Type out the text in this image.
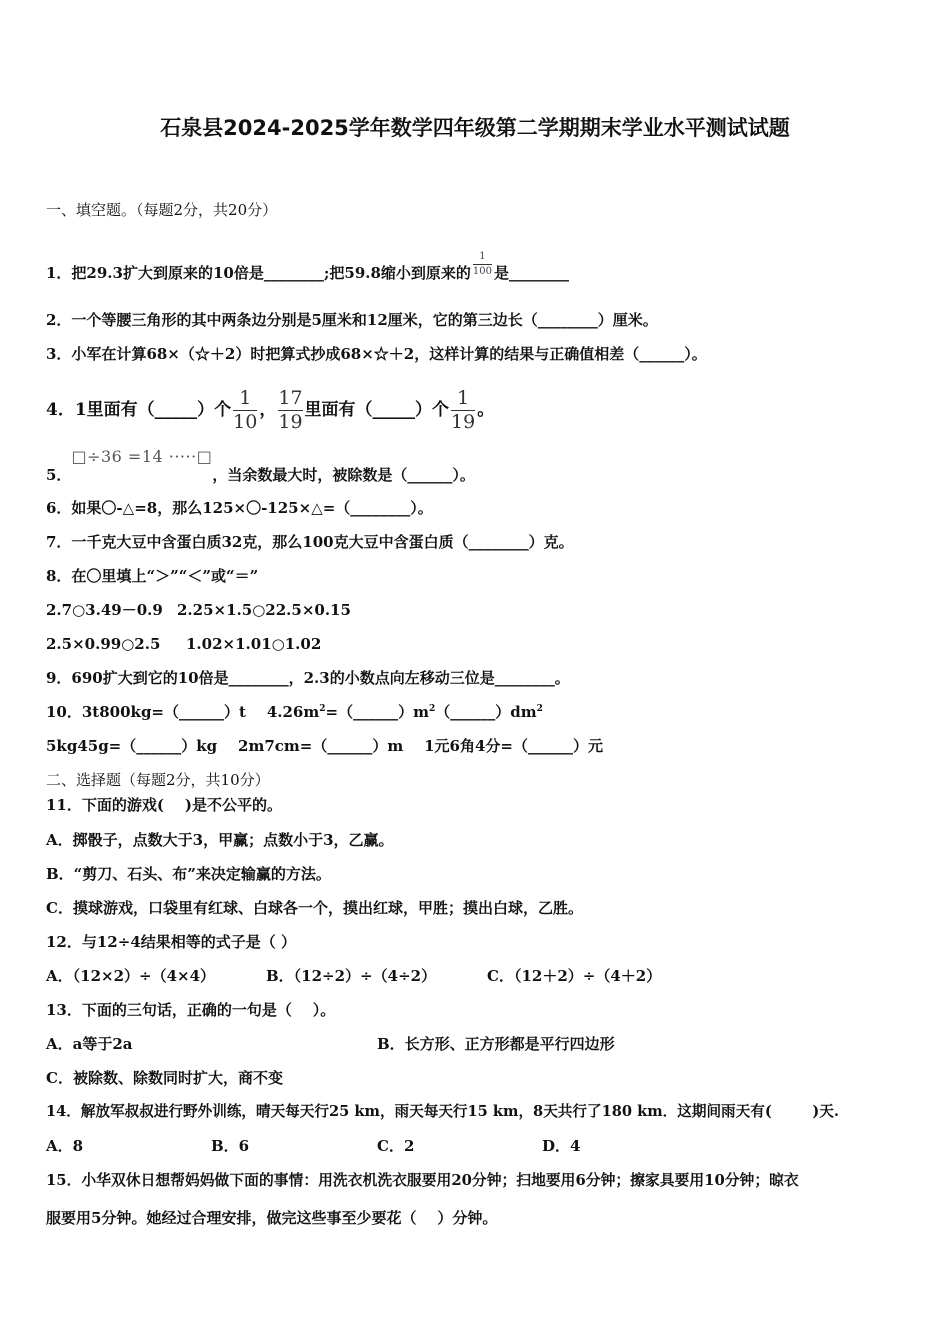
石泉县2024-2025学年数学四年级第二学期期末学业水平测试试题
一、填空题。（每题2分，共20分）
1．把29.3扩大到原来的10倍是________;把59.8缩小到原来的 $\frac{1}{100}$ 是________
2．一个等腰三角形的其中两条边分别是5厘米和12厘米，它的第三边长（________）厘米。
3．小军在计算68×（☆＋2）时把算式抄成68×☆＋2，这样计算的结果与正确值相差（______）。
4．1里面有（_____）个 $\frac{1}{10}$ ， $\frac{17}{19}$ 里面有（_____）个 $\frac{1}{19}$ 。
5．□÷36 =14 ·····□，当余数最大时，被除数是（______）。
6．如果〇-△=8，那么125×〇-125×△=（________）。
7．一千克大豆中含蛋白质32克，那么100克大豆中含蛋白质（________）克。
8．在〇里填上“＞”“＜”或“＝”
2.7○3.49－0.9 2.25×1.5○22.5×0.15
2.5×0.99○2.5 1.02×1.01○1.02
9．690扩大到它的10倍是________，2.3的小数点向左移动三位是________。
10．3t800kg=（______）t    $4.26m^2=(\_\_\_\_\_\_)m^2(\_\_\_\_\_\_)dm^2$
5kg45g=（______）kg    2m7cm=（______）m    1元6角4分=（______）元
二、选择题（每题2分，共10分）
11．下面的游戏(    )是不公平的。
A．掷骰子，点数大于3，甲赢；点数小于3，乙赢。
B．“剪刀、石头、布”来决定输赢的方法。
C．摸球游戏，口袋里有红球、白球各一个，摸出红球，甲胜；摸出白球，乙胜。
12．与12÷4结果相等的式子是（ ）
A．（12×2）÷（4×4）	B．（12÷2）÷（4÷2）	C．（12＋2）÷（4＋2）
13．下面的三句话，正确的一句是（    ）。
A．a等于2a	B．长方形、正方形都是平行四边形
C．被除数、除数同时扩大，商不变
14．解放军叔叔进行野外训练，晴天每天行25 km，雨天每天行15 km，8天共行了180 km．这期间雨天有(        )天.
A．8	B．6	C．2	D．4
15．小华双休日想帮妈妈做下面的事情：用洗衣机洗衣服要用20分钟；扫地要用6分钟；擦家具要用10分钟；晾衣
服要用5分钟。她经过合理安排，做完这些事至少要花（    ）分钟。
